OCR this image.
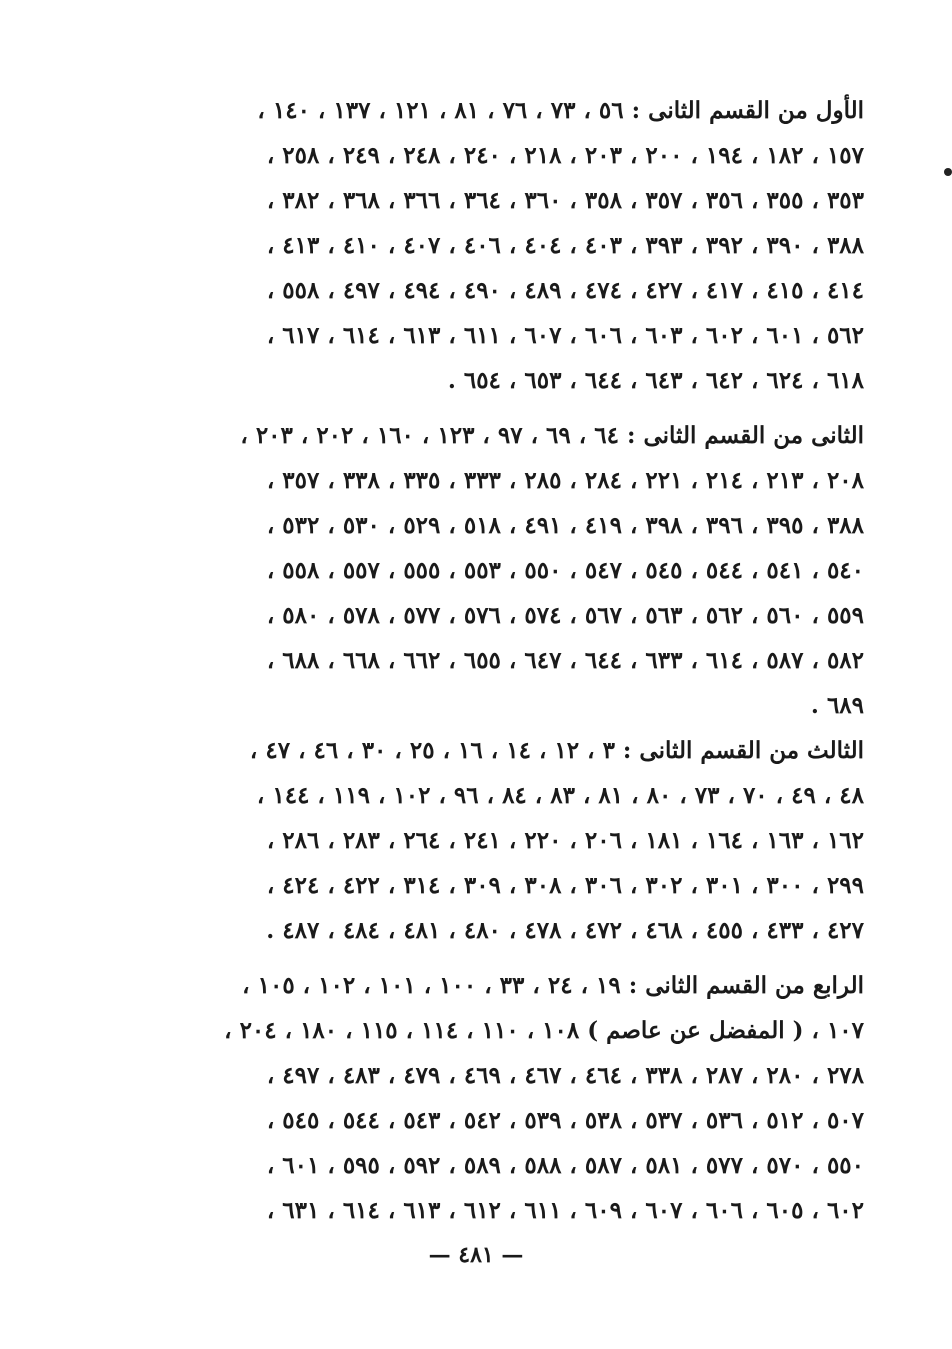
الأول من القسم الثانى : ٥٦ ، ٧٣ ، ٧٦ ، ٨١ ، ١٢١ ، ١٣٧ ، ١٤٠ ،
١٥٧ ، ١٨٢ ، ١٩٤ ، ٢٠٠ ، ٢٠٣ ، ٢١٨ ، ٢٤٠ ، ٢٤٨ ، ٢٤٩ ، ٢٥٨ ،
٣٥٣ ، ٣٥٥ ، ٣٥٦ ، ٣٥٧ ، ٣٥٨ ، ٣٦٠ ، ٣٦٤ ، ٣٦٦ ، ٣٦٨ ، ٣٨٢ ،
٣٨٨ ، ٣٩٠ ، ٣٩٢ ، ٣٩٣ ، ٤٠٣ ، ٤٠٤ ، ٤٠٦ ، ٤٠٧ ، ٤١٠ ، ٤١٣ ،
٤١٤ ، ٤١٥ ، ٤١٧ ، ٤٢٧ ، ٤٧٤ ، ٤٨٩ ، ٤٩٠ ، ٤٩٤ ، ٤٩٧ ، ٥٥٨ ،
٥٦٢ ، ٦٠١ ، ٦٠٢ ، ٦٠٣ ، ٦٠٦ ، ٦٠٧ ، ٦١١ ، ٦١٣ ، ٦١٤ ، ٦١٧ ،
٦١٨ ، ٦٢٤ ، ٦٤٢ ، ٦٤٣ ، ٦٤٤ ، ٦٥٣ ، ٦٥٤ .
الثانى من القسم الثانى : ٦٤ ، ٦٩ ، ٩٧ ، ١٢٣ ، ١٦٠ ، ٢٠٢ ، ٢٠٣ ،
٢٠٨ ، ٢١٣ ، ٢١٤ ، ٢٢١ ، ٢٨٤ ، ٢٨٥ ، ٣٣٣ ، ٣٣٥ ، ٣٣٨ ، ٣٥٧ ،
٣٨٨ ، ٣٩٥ ، ٣٩٦ ، ٣٩٨ ، ٤١٩ ، ٤٩١ ، ٥١٨ ، ٥٢٩ ، ٥٣٠ ، ٥٣٢ ،
٥٤٠ ، ٥٤١ ، ٥٤٤ ، ٥٤٥ ، ٥٤٧ ، ٥٥٠ ، ٥٥٣ ، ٥٥٥ ، ٥٥٧ ، ٥٥٨ ،
٥٥٩ ، ٥٦٠ ، ٥٦٢ ، ٥٦٣ ، ٥٦٧ ، ٥٧٤ ، ٥٧٦ ، ٥٧٧ ، ٥٧٨ ، ٥٨٠ ،
٥٨٢ ، ٥٨٧ ، ٦١٤ ، ٦٣٣ ، ٦٤٤ ، ٦٤٧ ، ٦٥٥ ، ٦٦٢ ، ٦٦٨ ، ٦٨٨ ،
٦٨٩ .
الثالث من القسم الثانى : ٣ ، ١٢ ، ١٤ ، ١٦ ، ٢٥ ، ٣٠ ، ٤٦ ، ٤٧ ،
٤٨ ، ٤٩ ، ٧٠ ، ٧٣ ، ٨٠ ، ٨١ ، ٨٣ ، ٨٤ ، ٩٦ ، ١٠٢ ، ١١٩ ، ١٤٤ ،
١٦٢ ، ١٦٣ ، ١٦٤ ، ١٨١ ، ٢٠٦ ، ٢٢٠ ، ٢٤١ ، ٢٦٤ ، ٢٨٣ ، ٢٨٦ ،
٢٩٩ ، ٣٠٠ ، ٣٠١ ، ٣٠٢ ، ٣٠٦ ، ٣٠٨ ، ٣٠٩ ، ٣١٤ ، ٤٢٢ ، ٤٢٤ ،
٤٢٧ ، ٤٣٣ ، ٤٥٥ ، ٤٦٨ ، ٤٧٢ ، ٤٧٨ ، ٤٨٠ ، ٤٨١ ، ٤٨٤ ، ٤٨٧ .
الرابع من القسم الثانى : ١٩ ، ٢٤ ، ٣٣ ، ١٠٠ ، ١٠١ ، ١٠٢ ، ١٠٥ ،
١٠٧ ، ( المفضل عن عاصم ) ١٠٨ ، ١١٠ ، ١١٤ ، ١١٥ ، ١٨٠ ، ٢٠٤ ،
٢٧٨ ، ٢٨٠ ، ٢٨٧ ، ٣٣٨ ، ٤٦٤ ، ٤٦٧ ، ٤٦٩ ، ٤٧٩ ، ٤٨٣ ، ٤٩٧ ،
٥٠٧ ، ٥١٢ ، ٥٣٦ ، ٥٣٧ ، ٥٣٨ ، ٥٣٩ ، ٥٤٢ ، ٥٤٣ ، ٥٤٤ ، ٥٤٥ ،
٥٥٠ ، ٥٧٠ ، ٥٧٧ ، ٥٨١ ، ٥٨٧ ، ٥٨٨ ، ٥٨٩ ، ٥٩٢ ، ٥٩٥ ، ٦٠١ ،
٦٠٢ ، ٦٠٥ ، ٦٠٦ ، ٦٠٧ ، ٦٠٩ ، ٦١١ ، ٦١٢ ، ٦١٣ ، ٦١٤ ، ٦٣١ ،
— ٤٨١ —
